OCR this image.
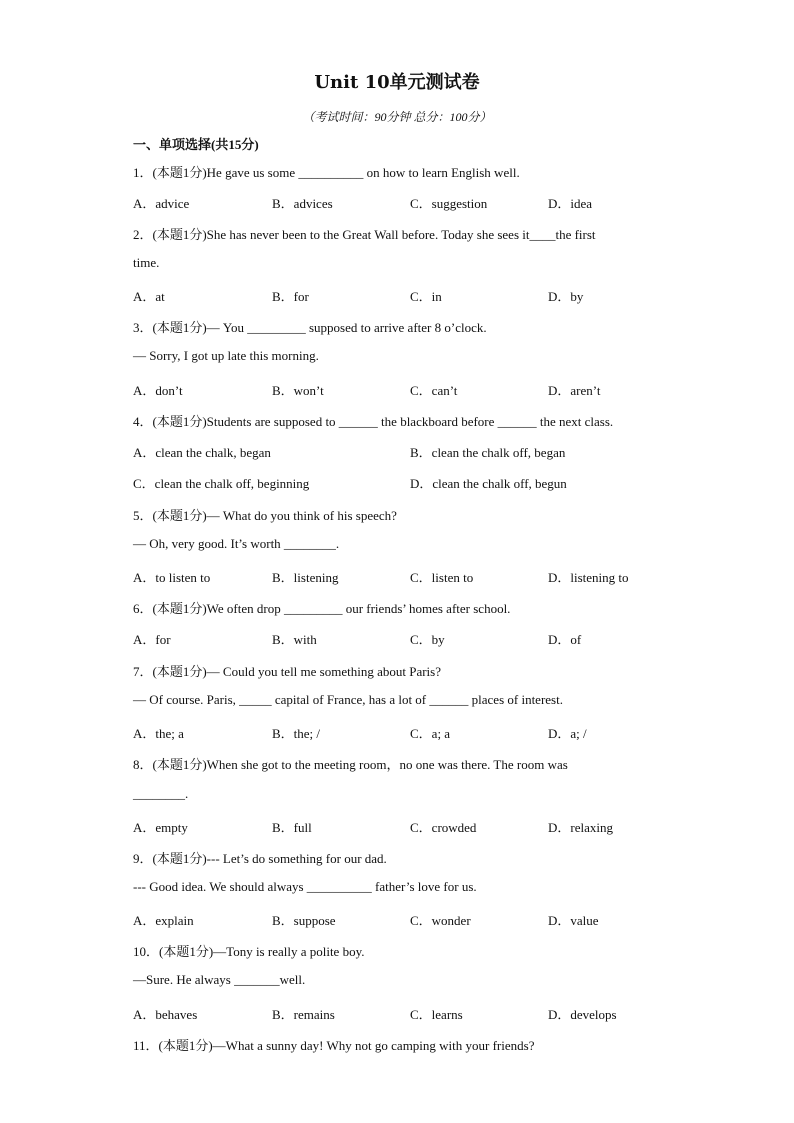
Unit 10单元测试卷
（考试时间：90分钟 总分：100分）
一、单项选择(共15分)
1．(本题1分)He gave us some __________ on how to learn English well.
A．advice	B．advices	C．suggestion	D．idea
2．(本题1分)She has never been to the Great Wall before. Today she sees it____the first
time.
A．at	B．for	C．in	D．by
3．(本题1分)— You _________ supposed to arrive after 8 o’clock.
— Sorry, I got up late this morning.
A．don’t	B．won’t	C．can’t	D．aren’t
4．(本题1分)Students are supposed to ______ the blackboard before ______ the next class.
A．clean the chalk, began	B．clean the chalk off, began
C．clean the chalk off, beginning	D．clean the chalk off, begun
5．(本题1分)— What do you think of his speech?
— Oh, very good. It’s worth ________.
A．to listen to	B．listening	C．listen to	D．listening to
6．(本题1分)We often drop _________ our friends’ homes after school.
A．for	B．with	C．by	D．of
7．(本题1分)— Could you tell me something about Paris?
— Of course. Paris, _____ capital of France, has a lot of ______ places of interest.
A．the; a	B．the; /	C．a; a	D．a; /
8．(本题1分)When she got to the meeting room，no one was there. The room was
________.
A．empty	B．full	C．crowded	D．relaxing
9．(本题1分)--- Let’s do something for our dad.
--- Good idea. We should always __________ father’s love for us.
A．explain	B．suppose	C．wonder	D．value
10．(本题1分)—Tony is really a polite boy.
—Sure. He always _______well.
A．behaves	B．remains	C．learns	D．develops
11．(本题1分)—What a sunny day! Why not go camping with your friends?
